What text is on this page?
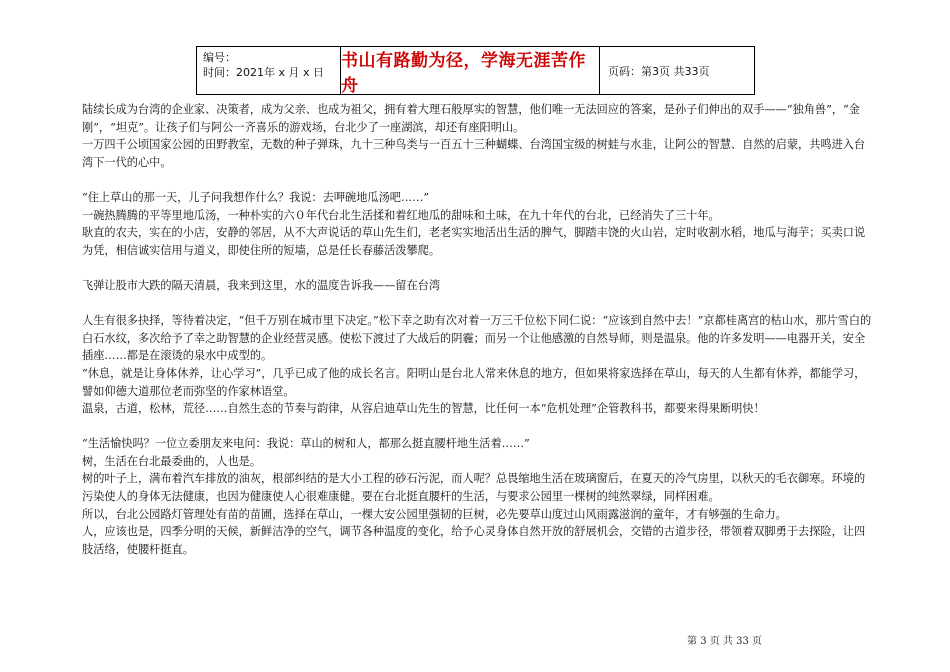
编号：
时间：2021年 x 月 x 日
书山有路勤为径，学海无涯苦作舟
页码：第3页 共33页

陆续长成为台湾的企业家、决策者，成为父亲、也成为祖父，拥有着大理石般厚实的智慧，他们唯一无法回应的答案，是孙子们伸出的双手——“独角兽”，“金刚”，“坦克”。让孩子们与阿公一齐喜乐的游戏场，台北少了一座湖滨，却还有座阳明山。

一万四千公顷国家公园的田野教室，无数的种子弹珠，九十三种鸟类与一百五十三种蝴蝶、台湾国宝级的树蛙与水韭，让阿公的智慧、自然的启蒙，共鸣进入台湾下一代的心中。

“住上草山的那一天，儿子问我想作什么？我说：去呷碗地瓜汤吧……”

一碗热腾腾的平等里地瓜汤，一种朴实的六０年代台北生活揉和着红地瓜的甜味和土味，在九十年代的台北，已经消失了三十年。

耿直的农夫，实在的小店，安静的邻居，从不大声说话的草山先生们，老老实实地活出生活的脾气，脚踏丰饶的火山岩，定时收割水稻，地瓜与海芋；买卖口说为凭，相信诚实信用与道义，即使住所的短墙，总是任长春藤活泼攀爬。

飞弹让股市大跌的隔天清晨，我来到这里，水的温度告诉我——留在台湾

人生有很多抉择，等待着决定，“但千万别在城市里下决定。”松下幸之助有次对着一万三千位松下同仁说：“应该到自然中去！”京都桂离宫的枯山水，那片雪白的白石水纹，多次给予了幸之助智慧的企业经营灵感。使松下渡过了大战后的阴霾；而另一个让他感激的自然导师，则是温泉。他的许多发明——电器开关，安全插座……都是在滚烫的泉水中成型的。

“休息，就是让身体休养，让心学习”，几乎已成了他的成长名言。阳明山是台北人常来休息的地方，但如果将家选择在草山，每天的人生都有休养，都能学习，譬如仰德大道那位老而弥坚的作家林语堂。

温泉，古道，松林，荒径……自然生态的节奏与韵律，从容启迪草山先生的智慧，比任何一本“危机处理”企管教科书，都要来得果断明快！

“生活愉快吗？一位立委朋友来电问：我说：草山的树和人，都那么挺直腰杆地生活着……”

树，生活在台北最委曲的，人也是。

树的叶子上，满布着汽车排放的油灰，根部纠结的是大小工程的砂石污泥，而人呢？总畏缩地生活在玻璃窗后，在夏天的冷气房里，以秋天的毛衣御寒。环境的污染使人的身体无法健康，也因为健康使人心很难康健。要在台北挺直腰杆的生活，与要求公园里一棵树的纯然翠绿，同样困难。

所以，台北公园路灯管理处有苗的苗圃，选择在草山，一棵大安公园里强韧的巨树，必先要草山度过山风雨露滋润的童年，才有够强的生命力。

人，应该也是，四季分明的天候，新鲜洁净的空气，调节各种温度的变化，给予心灵身体自然开放的舒展机会，交错的古道步径，带领着双脚勇于去探险，让四肢活络，使腰杆挺直。

第 3 页 共 33 页
